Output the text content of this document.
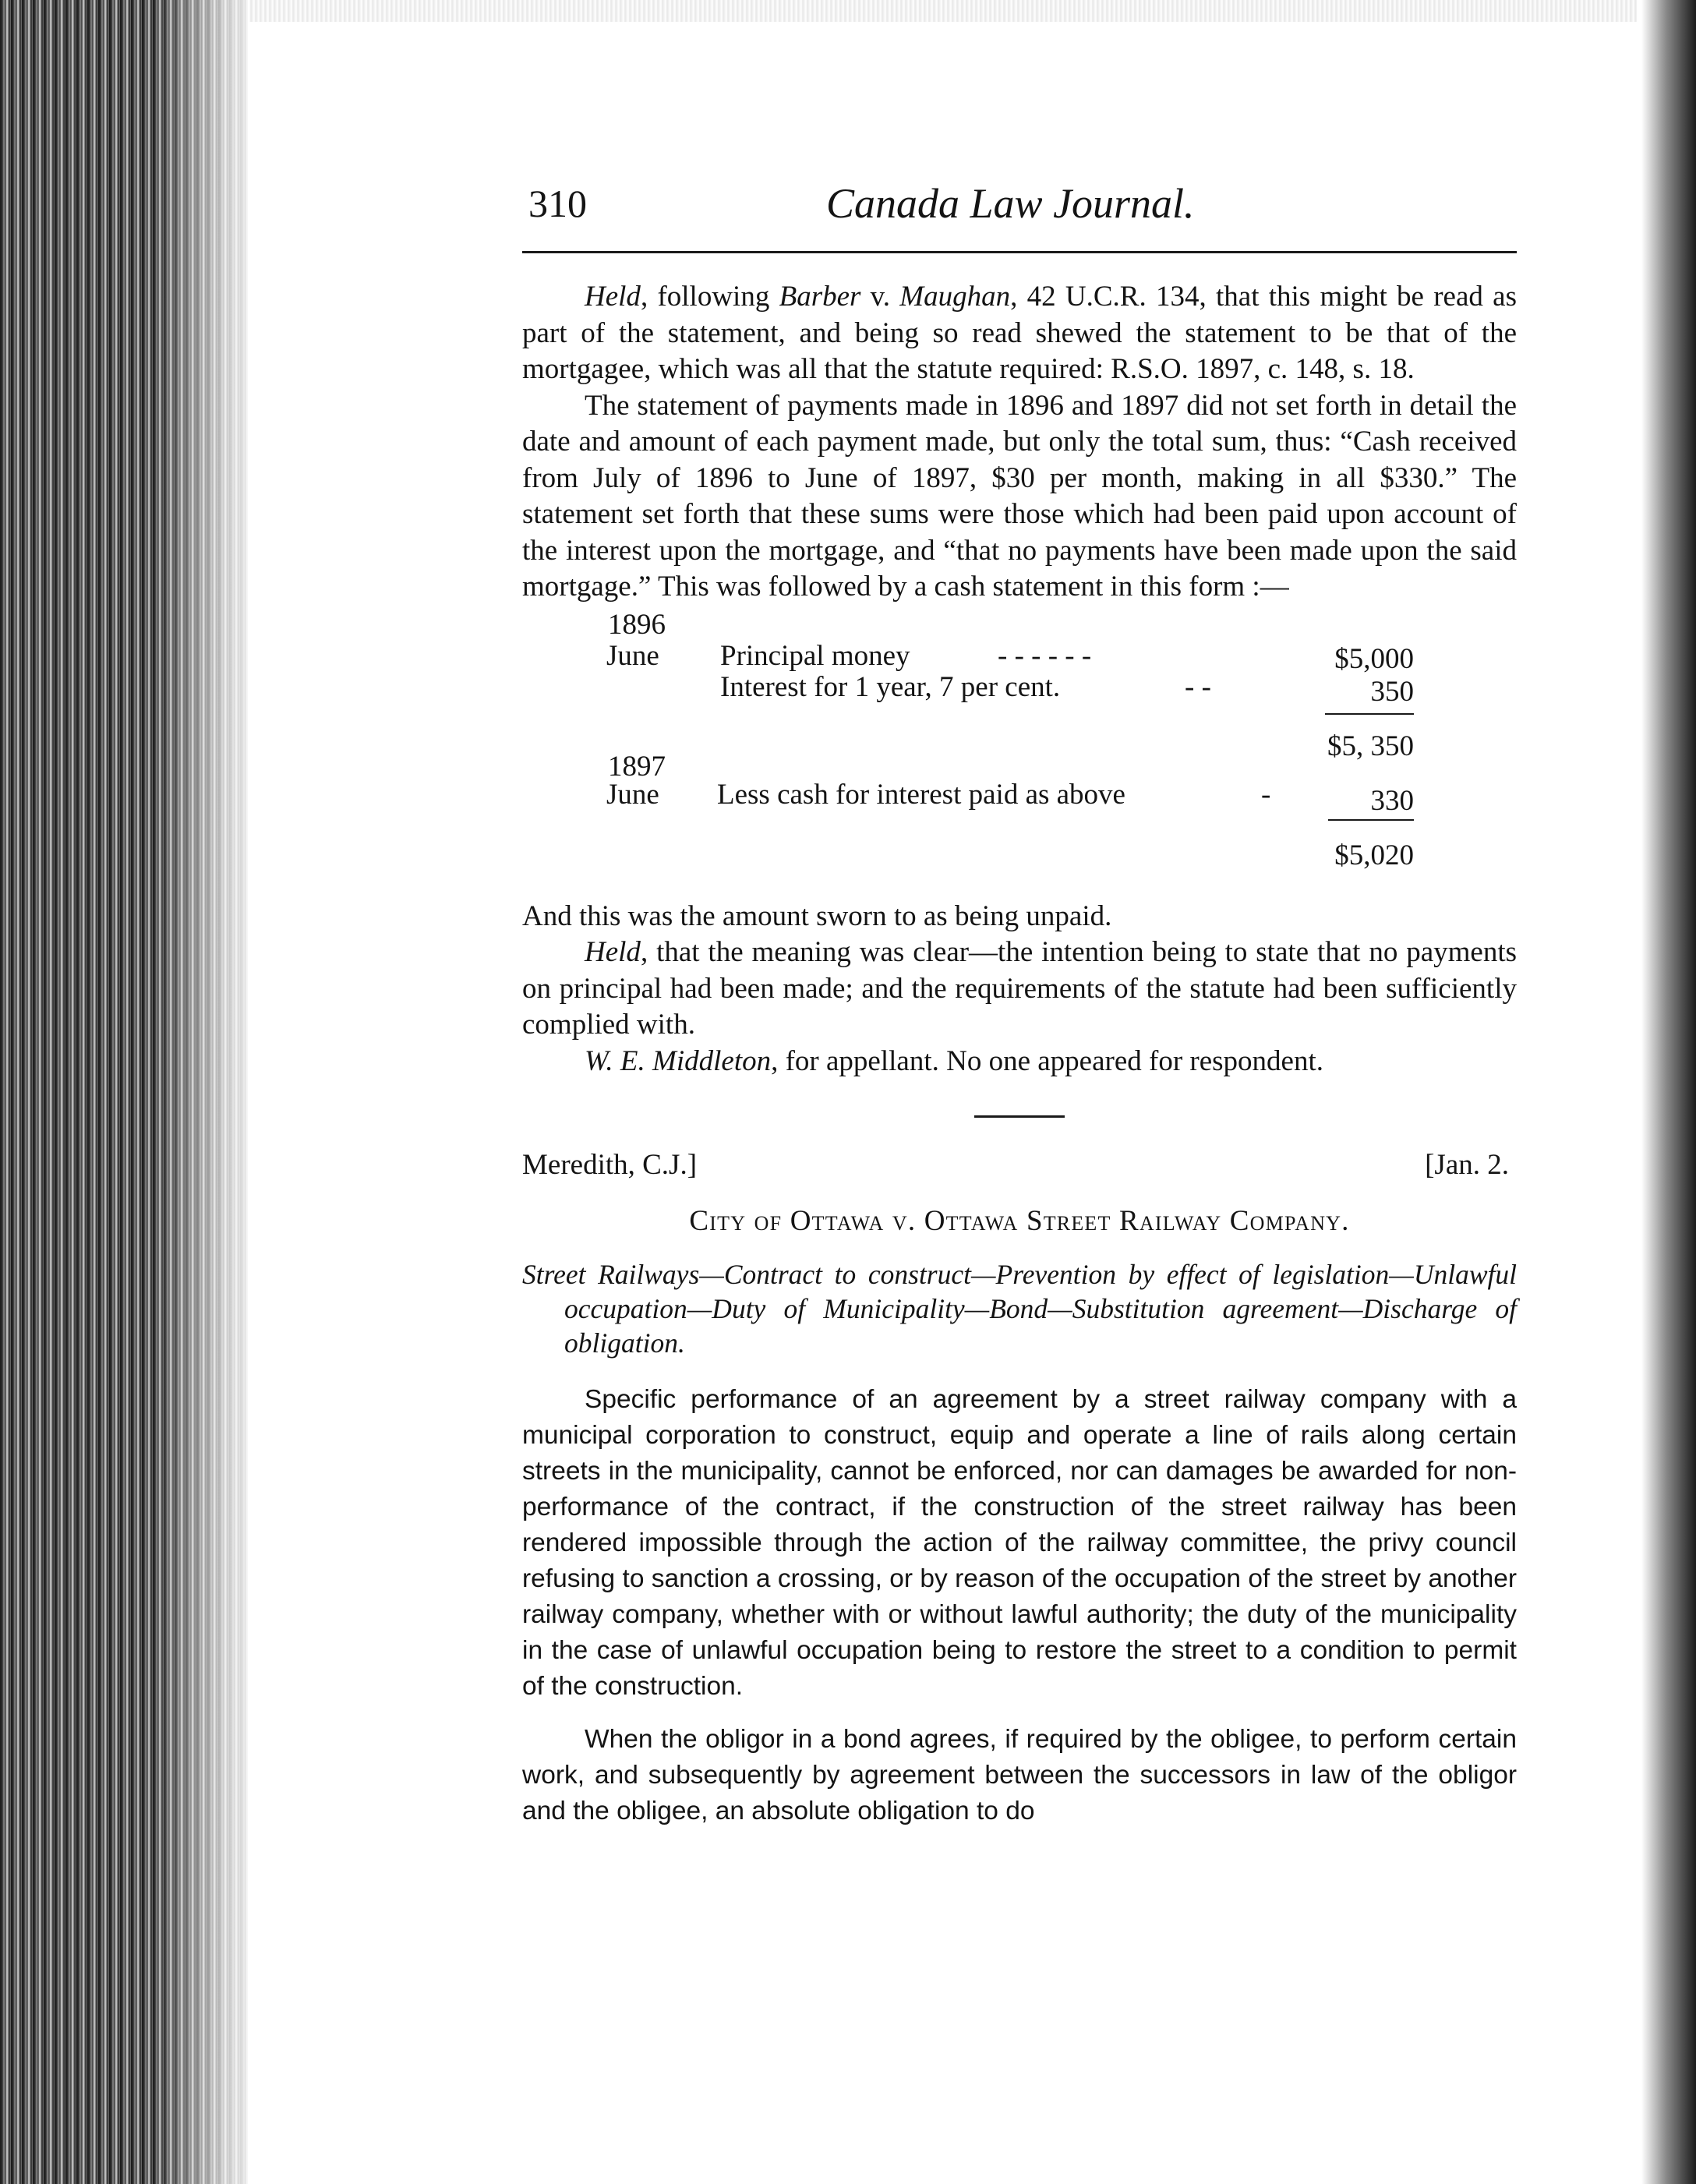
310	Canada Law Journal.

Held, following Barber v. Maughan, 42 U.C.R. 134, that this might be read as part of the statement, and being so read shewed the statement to be that of the mortgagee, which was all that the statute required: R.S.O. 1897, c. 148, s. 18.

The statement of payments made in 1896 and 1897 did not set forth in detail the date and amount of each payment made, but only the total sum, thus: “Cash received from July of 1896 to June of 1897, $30 per month, making in all $330.” The statement set forth that these sums were those which had been paid upon account of the interest upon the mortgage, and “that no payments have been made upon the said mortgage.” This was followed by a cash statement in this form :—

1896
June Principal money	- - - - - -	$5,000
Interest for 1 year, 7 per cent.	- -	350
$5, 350
1897
June Less cash for interest paid as above	-	330
$5,020

And this was the amount sworn to as being unpaid.

Held, that the meaning was clear—the intention being to state that no payments on principal had been made; and the requirements of the statute had been sufficiently complied with.

W. E. Middleton, for appellant. No one appeared for respondent.

Meredith, C.J.]	[Jan. 2.
City of Ottawa v. Ottawa Street Railway Company.

Street Railways—Contract to construct—Prevention by effect of legislation—Unlawful occupation—Duty of Municipality—Bond—Substitution agreement—Discharge of obligation.

Specific performance of an agreement by a street railway company with a municipal corporation to construct, equip and operate a line of rails along certain streets in the municipality, cannot be enforced, nor can damages be awarded for non-performance of the contract, if the construction of the street railway has been rendered impossible through the action of the railway committee, the privy council refusing to sanction a crossing, or by reason of the occupation of the street by another railway company, whether with or without lawful authority; the duty of the municipality in the case of unlawful occupation being to restore the street to a condition to permit of the construction.

When the obligor in a bond agrees, if required by the obligee, to perform certain work, and subsequently by agreement between the successors in law of the obligor and the obligee, an absolute obligation to do
